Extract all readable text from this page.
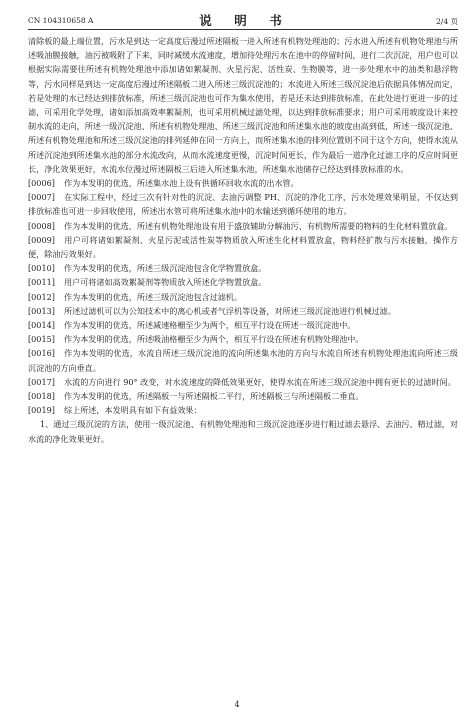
CN 104310658 A	说　明　书	2/4 页

清除板的最上端位置，污水是到达一定高度后漫过所述隔板一进入所述有机物处理池的；污水进入所述有机物处理池与所述吸油膜接触，油污被吸附了下来，同时减缓水流速度，增加待处理污水在池中的停留时间，进行二次沉淀，用户也可以根据实际需要往所述有机物处理池中添加诸如絮凝剂、火星污泥、活性炭、生物膜等，进一步处理水中的油类和悬浮物等，污水同样是到达一定高度后漫过所述隔板二进入所述三级沉淀池的；水流进入所述三级沉淀池后依据具体情况而定，若是处理的水已经达到排放标准，所述三级沉淀池也可作为集水使用，若是还未达到排放标准，在此处进行更进一步的过滤，可采用化学处理，诸如添加高效率絮凝剂，也可采用机械过滤处理，以达到排放标准要求；用户可采用坡度设计来控制水流的走向，所述一级沉淀池、所述有机物处理池、所述三级沉淀池和所述集水池的坡度由高到低，所述一级沉淀池、所述有机物处理池和所述三级沉淀池的排列延伸在同一方向上，而所述集水池的排列位置则不同于这个方向，使得水流从所述沉淀池到所述集水池的部分水流改向，从而水流速度更慢，沉淀时间更长，作为最后一道净化过滤工序的反应时间更长，净化效果更好，水流水位漫过所述隔板三后进入所述集水池，所述集水池储存已经达到排放标准的水。

[0006] 作为本发明的优选，所述集水池上设有供循环回收水流的出水管。

[0007] 在实际工程中，经过三次有针对性的沉淀、去油污调整 PH、沉淀的净化工序，污水处理效果明显，不仅达到排放标准也可进一步回收使用，所述出水管可将所述集水池中的水输送到循环使用的地方。

[0008] 作为本发明的优选，所述有机物处理池设有用于盛放辅助分解油污、有机物所需要的物料的生化材料置放盒。

[0009] 用户可将诸如絮凝剂、火星污泥或活性炭等物质放入所述生化材料置放盒，物料经扩散与污水接触，操作方便，除油污效果好。

[0010] 作为本发明的优选，所述三级沉淀池包含化学物置放盒。

[0011] 用户可将诸如高效絮凝剂等物质放入所述化学物置放盒。

[0012] 作为本发明的优选，所述三级沉淀池包含过滤机。

[0013] 所述过滤机可以为公知技术中的离心机或者气浮机等设备，对所述三级沉淀池进行机械过滤。

[0014] 作为本发明的优选，所述减速格栅至少为两个，相互平行设在所述一级沉淀池中。

[0015] 作为本发明的优选，所述吸油格栅至少为两个，相互平行设在所述有机物处理池中。

[0016] 作为本发明的优选，水流自所述三级沉淀池的流向所述集水池的方向与水流自所述有机物处理池流向所述三级沉淀池的方向垂直。

[0017] 水流的方向进行 90° 改变，对水流速度的降低效果更好，使得水流在所述三级沉淀池中拥有更长的过滤时间。

[0018] 作为本发明的优选，所述隔板一与所述隔板二平行，所述隔板三与所述隔板二垂直。

[0019] 综上所述，本发明具有如下有益效果：

1、通过三级沉淀的方法，使用一级沉淀池、有机物处理池和三级沉淀池逐步进行粗过滤去悬浮、去油污、精过滤，对水流的净化效果更好。

4
